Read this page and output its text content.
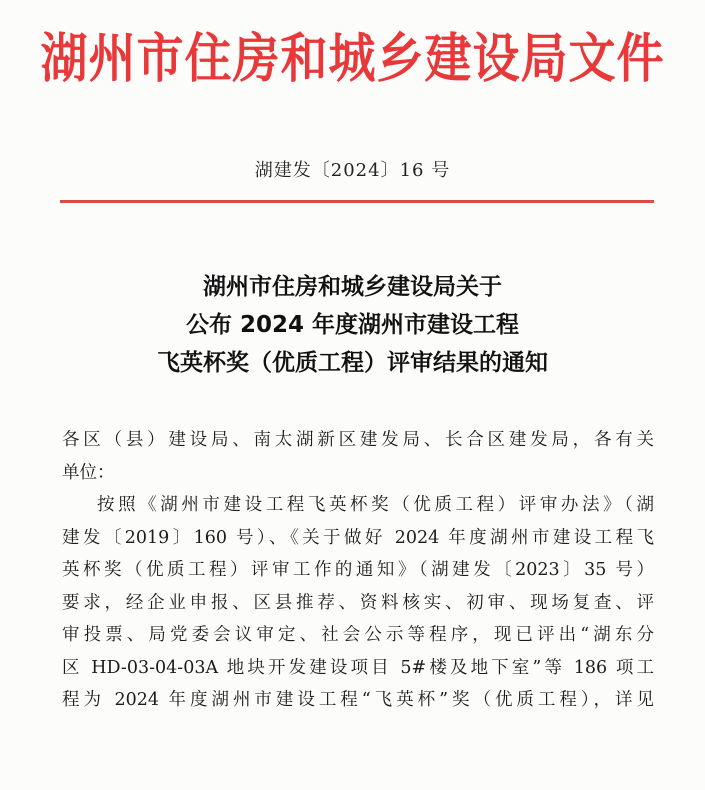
湖州市住房和城乡建设局文件
湖建发〔2024〕16 号
湖州市住房和城乡建设局关于
公布 2024 年度湖州市建设工程
飞英杯奖（优质工程）评审结果的通知
各区（县）建设局、南太湖新区建发局、长合区建发局，各有关
单位：
按照《湖州市建设工程飞英杯奖（优质工程）评审办法》（湖
建发〔2019〕160 号）、《关于做好 2024 年度湖州市建设工程飞
英杯奖（优质工程）评审工作的通知》（湖建发〔2023〕35 号）
要求，经企业申报、区县推荐、资料核实、初审、现场复查、评
审投票、局党委会议审定、社会公示等程序，现已评出“湖东分
区 HD-03-04-03A 地块开发建设项目 5#楼及地下室”等 186 项工
程为 2024 年度湖州市建设工程“飞英杯”奖（优质工程），详见
